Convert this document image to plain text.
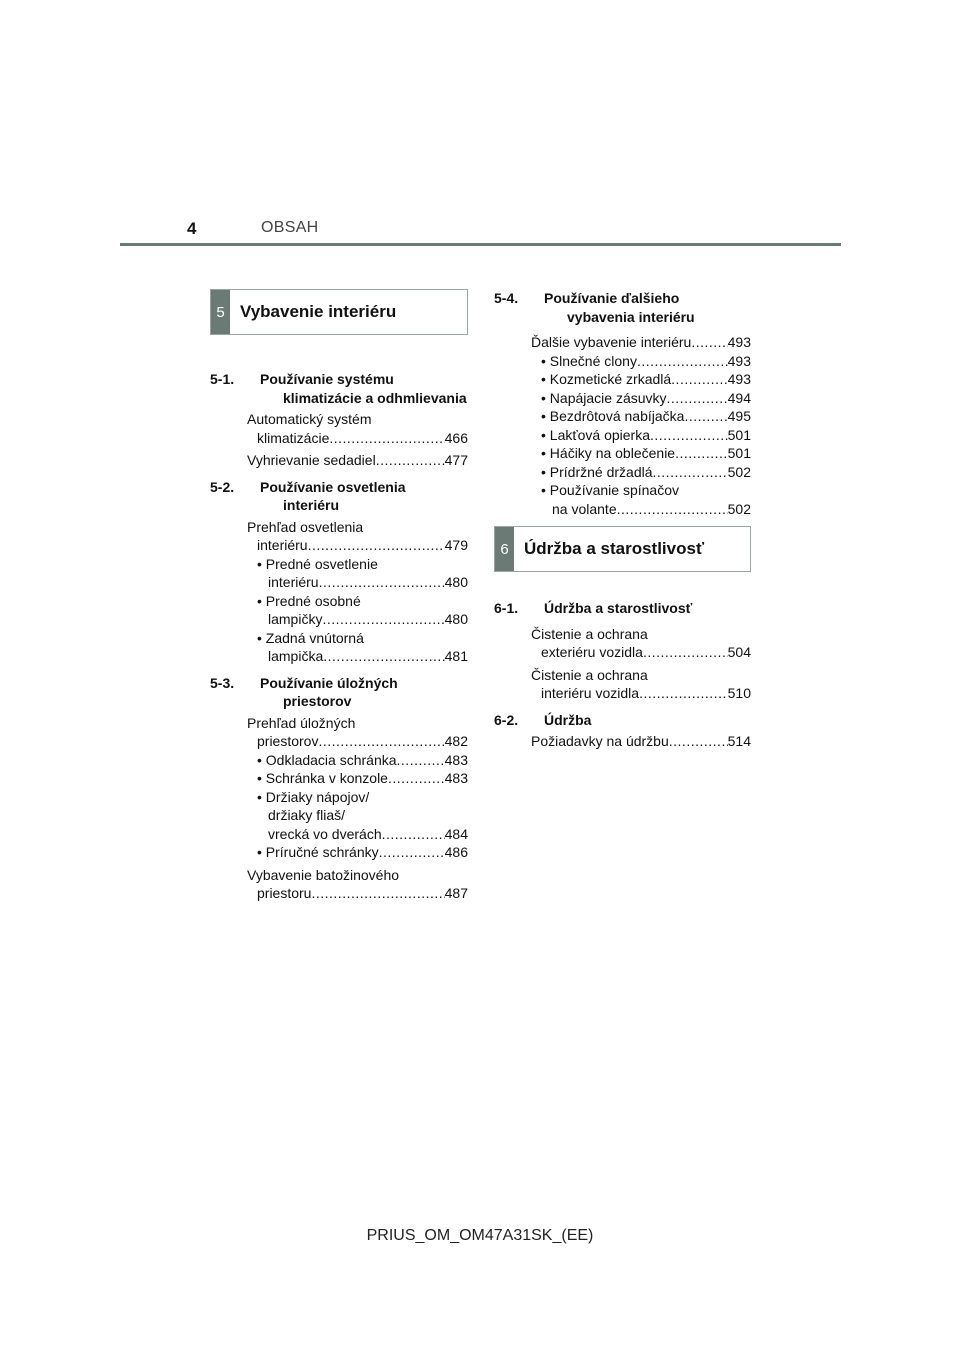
4	OBSAH
5 Vybavenie interiéru
5-1.	Používanie systému
klimatizácie a odhmlievania
Automatický systém
klimatizácie .....	466
Vyhrievanie sedadiel .....	477
5-2.	Používanie osvetlenia
interiéru
Prehľad osvetlenia
interiéru .....	479
• Predné osvetlenie
interiéru .....	480
• Predné osobné
lampičky .....	480
• Zadná vnútorná
lampička .....	481
5-3.	Používanie úložných
priestorov
Prehľad úložných
priestorov .....	482
• Odkladacia schránka .....	483
• Schránka v konzole .....	483
• Držiaky nápojov/
držiaky fliaš/
vrecká vo dverách .....	484
• Príručné schránky .....	486
Vybavenie batožinového
priestoru .....	487
5-4.	Používanie ďalšieho
vybavenia interiéru
Ďalšie vybavenie interiéru .....	493
• Slnečné clony .....	493
• Kozmetické zrkadlá .....	493
• Napájacie zásuvky .....	494
• Bezdrôtová nabíjačka .....	495
• Lakťová opierka .....	501
• Háčiky na oblečenie .....	501
• Prídržné držadlá .....	502
• Používanie spínačov
na volante .....	502
6 Údržba a starostlivosť
6-1.	Údržba a starostlivosť
Čistenie a ochrana
exteriéru vozidla .....	504
Čistenie a ochrana
interiéru vozidla .....	510
6-2.	Údržba
Požiadavky na údržbu .....	514
PRIUS_OM_OM47A31SK_(EE)
